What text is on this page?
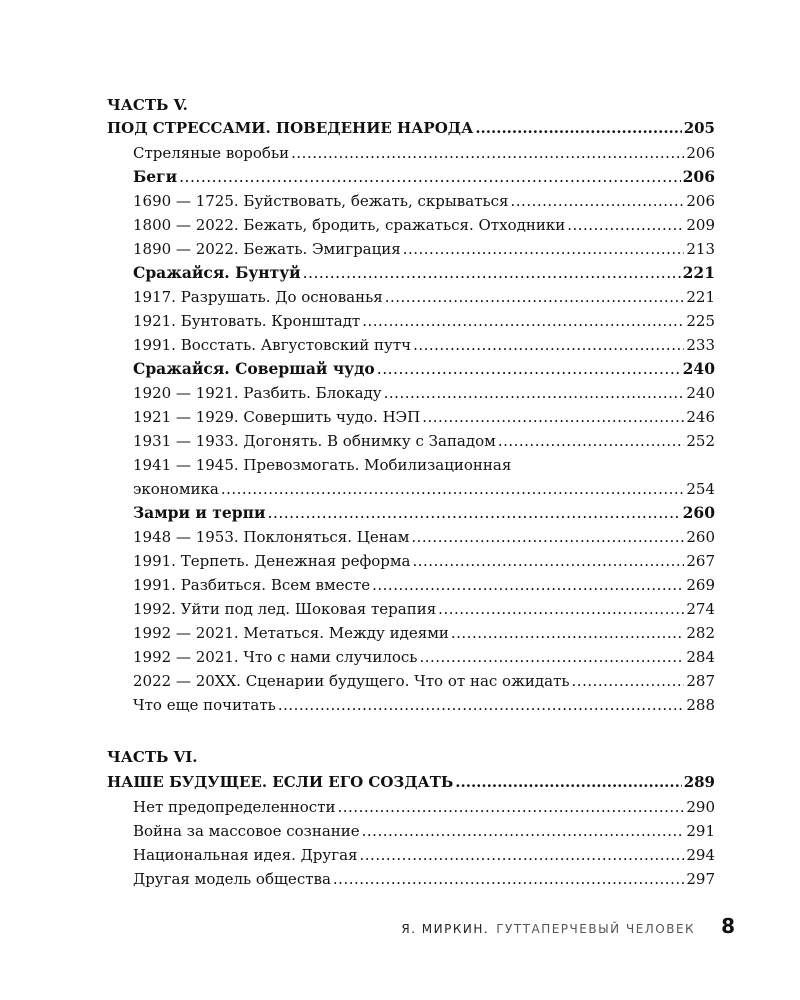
ЧАСТЬ V.
ПОД СТРЕССАМИ. ПОВЕДЕНИЕ НАРОДА .....	205
Стреляные воробьи .....	206
Беги .....	206
1690 — 1725. Буйствовать, бежать, скрываться .....	206
1800 — 2022. Бежать, бродить, сражаться. Отходники .....	209
1890 — 2022. Бежать. Эмиграция .....	213
Сражайся. Бунтуй .....	221
1917. Разрушать. До основанья .....	221
1921. Бунтовать. Кронштадт .....	225
1991. Восстать. Августовский путч .....	233
Сражайся. Совершай чудо .....	240
1920 — 1921. Разбить. Блокаду .....	240
1921 — 1929. Совершить чудо. НЭП .....	246
1931 — 1933. Догонять. В обнимку с Западом .....	252
1941 — 1945. Превозмогать. Мобилизационная
экономика .....	254
Замри и терпи .....	260
1948 — 1953. Поклоняться. Ценам .....	260
1991. Терпеть. Денежная реформа .....	267
1991. Разбиться. Всем вместе .....	269
1992. Уйти под лед. Шоковая терапия .....	274
1992 — 2021. Метаться. Между идеями .....	282
1992 — 2021. Что с нами случилось .....	284
2022 — 20XX. Сценарии будущего. Что от нас ожидать .....	287
Что еще почитать .....	288
ЧАСТЬ VI.
НАШЕ БУДУЩЕЕ. ЕСЛИ ЕГО СОЗДАТЬ .....	289
Нет предопределенности .....	290
Война за массовое сознание .....	291
Национальная идея. Другая .....	294
Другая модель общества .....	297
Я. МИРКИН. ГУТТАПЕРЧЕВЫЙ ЧЕЛОВЕК 8
